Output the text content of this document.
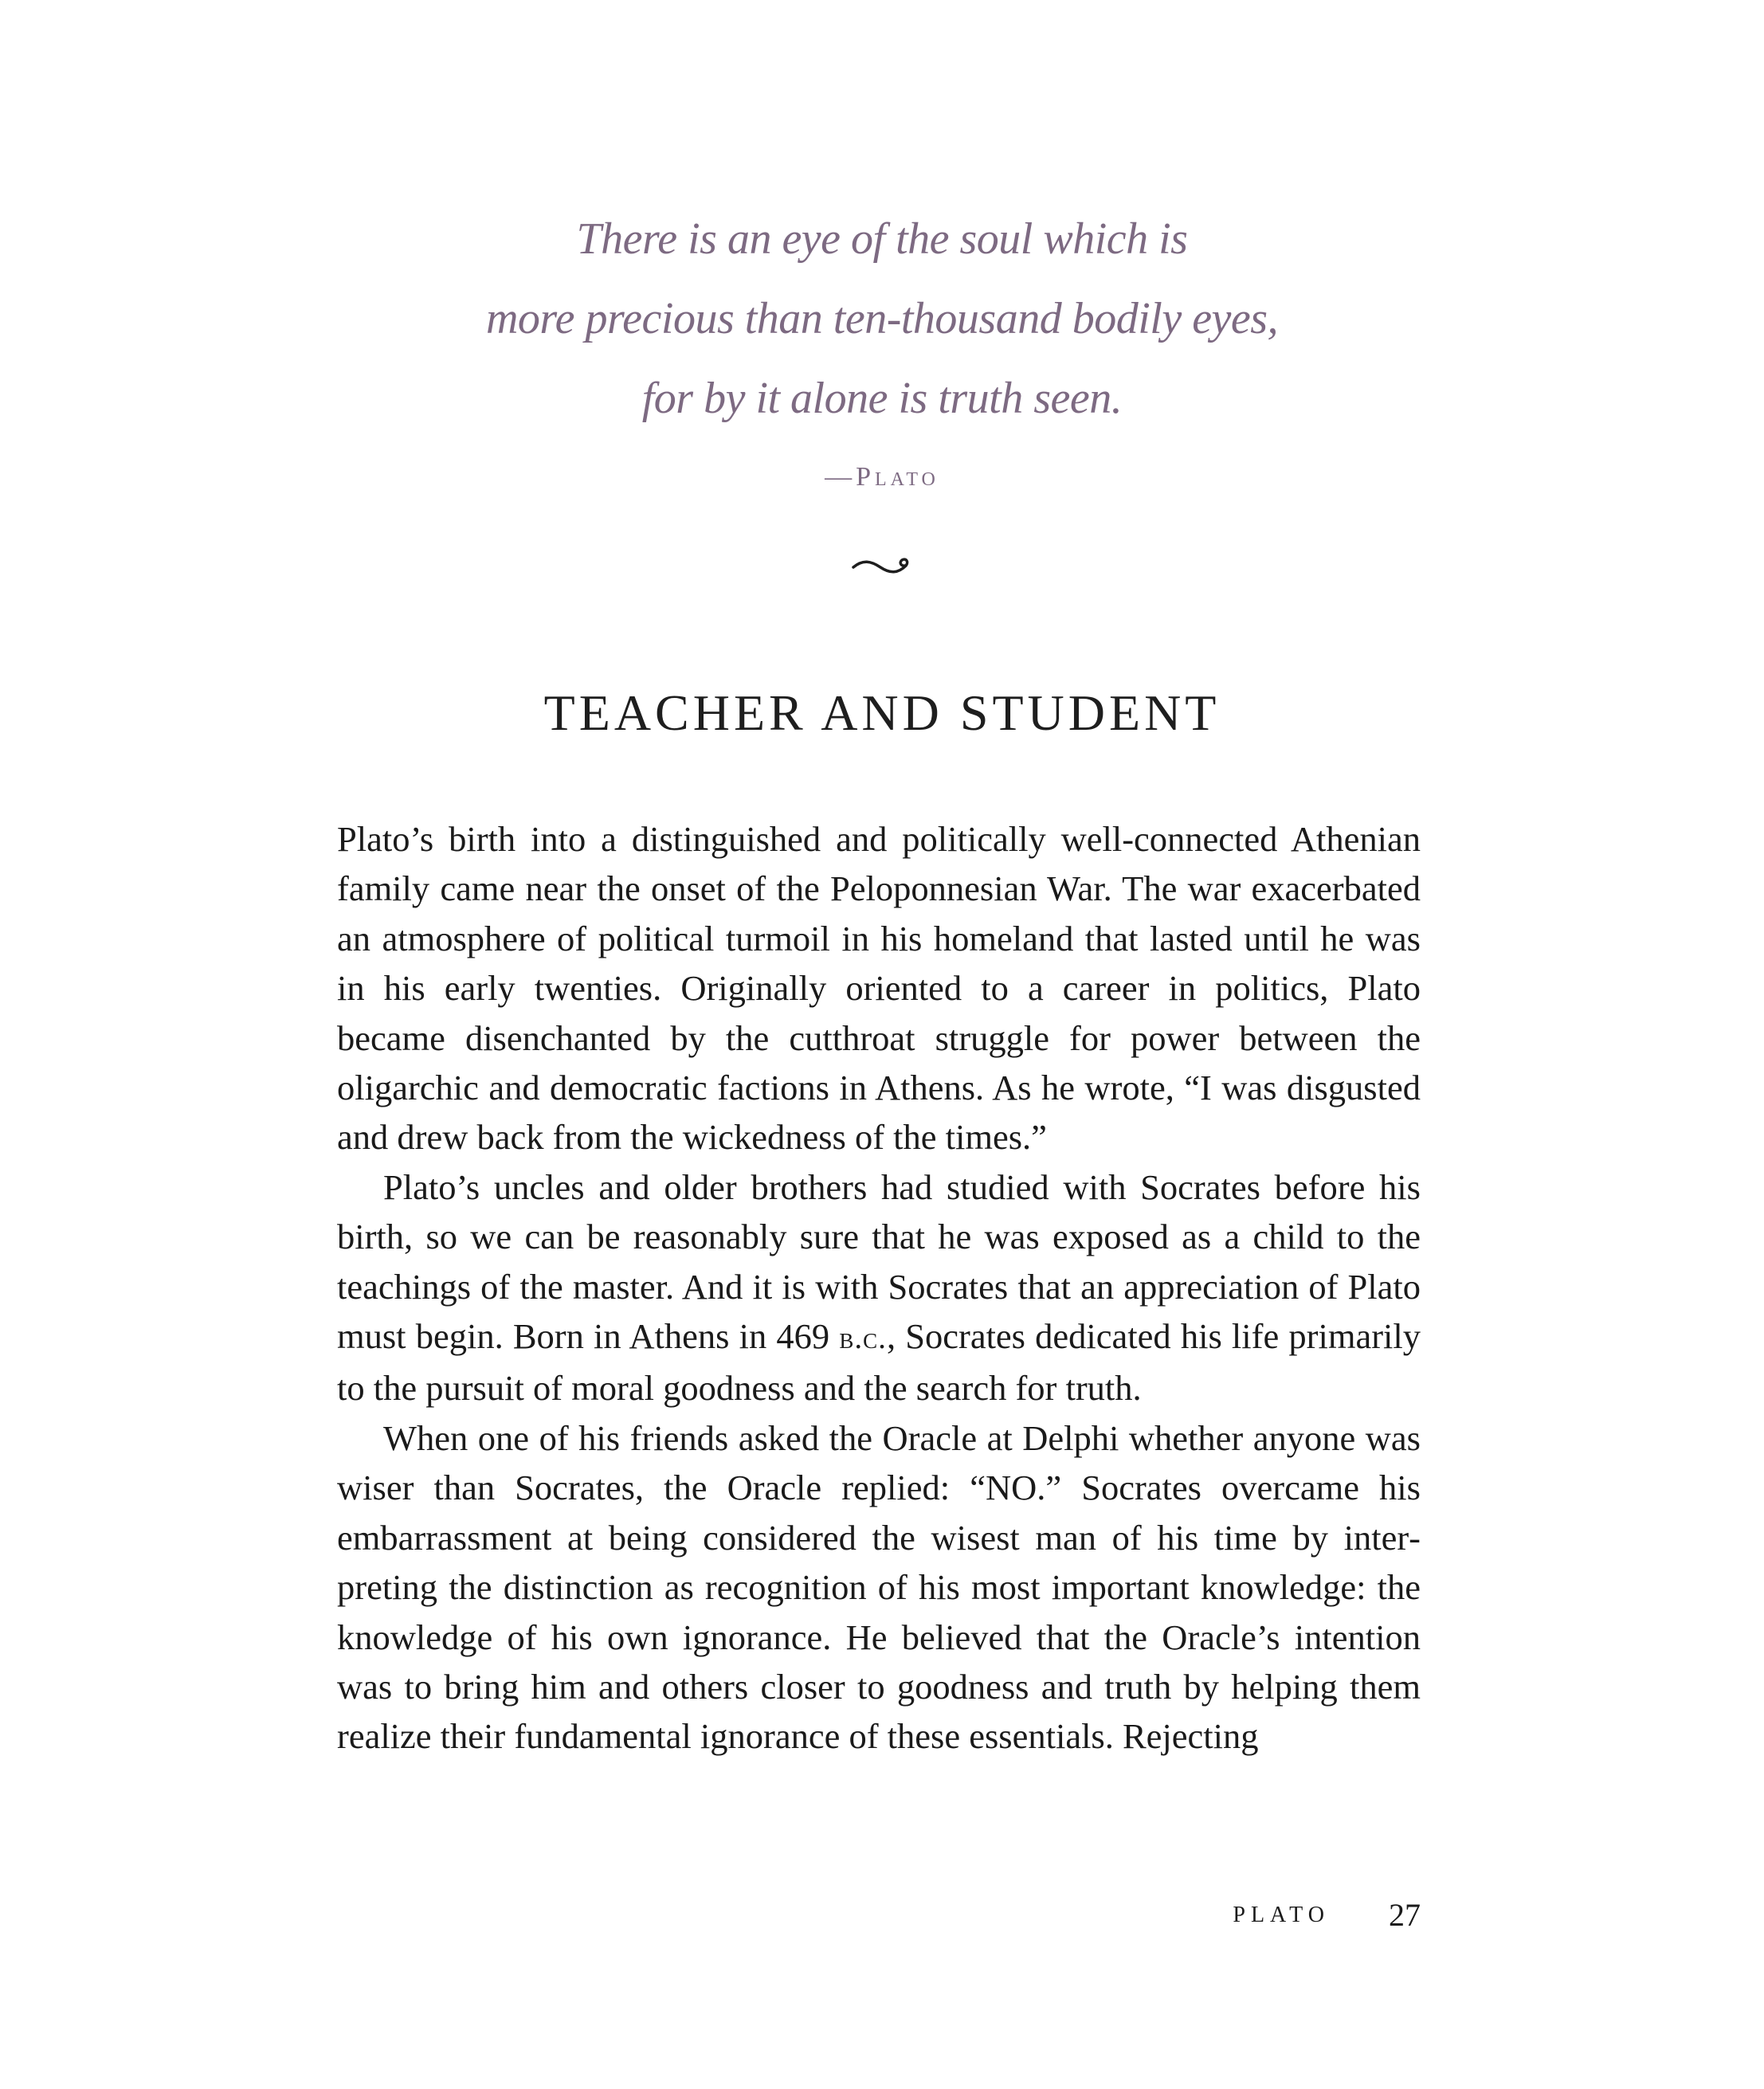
There is an eye of the soul which is
more precious than ten-thousand bodily eyes,
for by it alone is truth seen.
—Plato
TEACHER AND STUDENT

Plato’s birth into a distinguished and politically well-connected Athenian family came near the onset of the Peloponnesian War. The war exacerbated an atmosphere of political turmoil in his homeland that lasted until he was in his early twenties. Originally oriented to a career in politics, Plato became disenchanted by the cutthroat struggle for power between the oligarchic and democratic factions in Athens. As he wrote, “I was disgusted and drew back from the wickedness of the times.”

Plato’s uncles and older brothers had studied with Socrates before his birth, so we can be reasonably sure that he was exposed as a child to the teachings of the master. And it is with Socrates that an appreciation of Plato must begin. Born in Athens in 469 b.c., Socrates dedicated his life primarily to the pursuit of moral goodness and the search for truth.

When one of his friends asked the Oracle at Delphi whether anyone was wiser than Socrates, the Oracle replied: “NO.” Socrates overcame his embarrassment at being considered the wisest man of his time by interpreting the distinction as recognition of his most important knowledge: the knowledge of his own ignorance. He believed that the Oracle’s intention was to bring him and others closer to goodness and truth by helping them realize their fundamental ignorance of these essentials. Rejecting

PLATO 27
